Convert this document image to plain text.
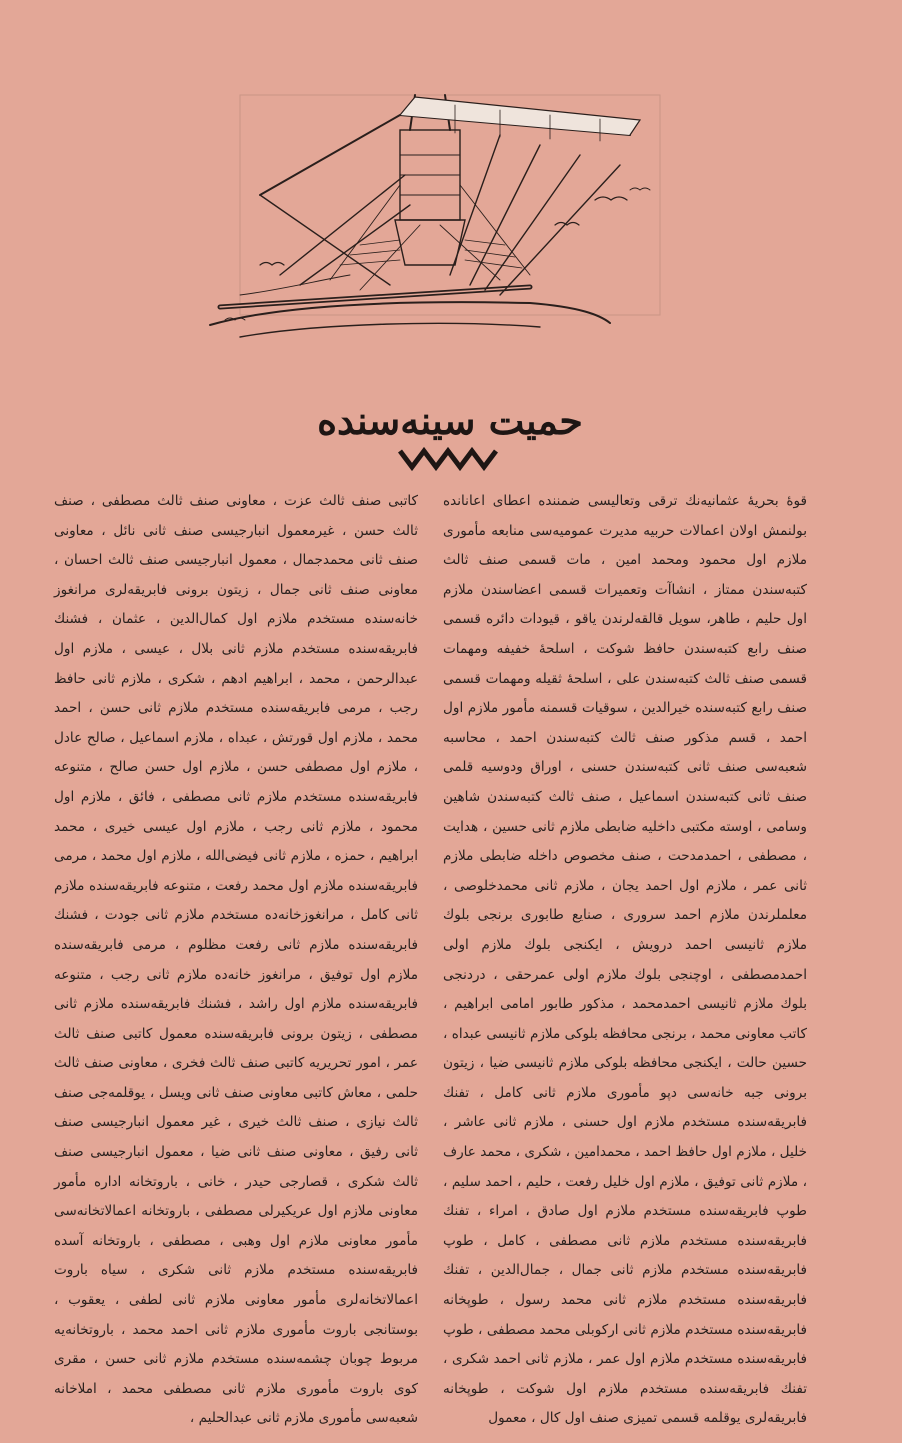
حمیت سینه‌سنده

قوهٔ بحریهٔ عثمانیه‌نك ترقی وتعالیسی ضمننده اعطای اعانانده بولنمش اولان اعمالات حربیه مدیرت عمومیه‌سی منابعه مأموری ملازم اول محمود ومحمد امین ، مات قسمی صنف ثالث كتبه‌سندن ممتاز ، انشاآت وتعمیرات قسمی اعضاسندن ملازم اول حلیم ، طاهر، سویل قالقه‌لرندن یاقو ، قیودات دائره قسمی صنف رابع كتبه‌سندن حافظ شوكت ، اسلحهٔ خفیفه ومهمات قسمی صنف ثالث كتبه‌سندن علی ، اسلحهٔ ثقیله ومهمات قسمی صنف رابع كتبه‌سنده خیرالدین ، سوقیات قسمنه مأمور ملازم اول احمد ، قسم مذكور صنف ثالث كتبه‌سندن احمد ، محاسبه شعبه‌سی صنف ثانی كتبه‌سندن حسنی ، اوراق ودوسیه قلمی صنف ثانی كتبه‌سندن اسماعیل ، صنف ثالث كتبه‌سندن شاهین وسامی ، اوسته مكتبی داخلیه ضابطی ملازم ثانی حسین ، هدایت ، مصطفی ، احمدمدحت ، صنف مخصوص داخله ضابطی ملازم ثانی عمر ، ملازم اول احمد یجان ، ملازم ثانی محمدخلوصی ، معلملرندن ملازم احمد سروری ، صنایع طابوری برنجی بلوك ملازم ثانیسی احمد درویش ، ایكنجی بلوك ملازم اولی احمدمصطفی ، اوچنجی بلوك ملازم اولی عمرحقی ، دردنجی بلوك ملازم ثانیسی احمدمحمد ، مذكور طابور امامی ابراهیم ، كاتب معاونی محمد ، برنجی محافظه بلوكی ملازم ثانیسی عبداه ، حسین حالت ، ایكنجی محافظه بلوكی ملازم ثانیسی ضیا ، زیتون برونی جبه خانه‌سی دپو مأموری ملازم ثانی كامل ، تفنك فابریقه‌سنده مستخدم ملازم اول حسنی ، ملازم ثانی عاشر ، خلیل ، ملازم اول حافظ احمد ، محمدامین ، شكری ، محمد عارف ، ملازم ثانی توفیق ، ملازم اول خلیل رفعت ، حلیم ، احمد سلیم ، طوپ فابریقه‌سنده مستخدم ملازم اول صادق ، امراء ، تفنك فابریقه‌سنده مستخدم ملازم ثانی مصطفی ، كامل ، طوپ فابریقه‌سنده مستخدم ملازم ثانی جمال ، جمال‌الدین ، تفنك فابریقه‌سنده مستخدم ملازم ثانی محمد رسول ، طوپخانه فابریقه‌سنده مستخدم ملازم ثانی اركوبلی محمد مصطفی ، طوپ فابریقه‌سنده مستخدم ملازم اول عمر ، ملازم ثانی احمد شكری ، تفنك فابریقه‌سنده مستخدم ملازم اول شوكت ، طوپخانه فابریقه‌لری یوقلمه قسمی تمیزی صنف اول كال ، معمول

كاتبی صنف ثالث عزت ، معاونی صنف ثالث مصطفی ، صنف ثالث حسن ، غیرمعمول انبارجیسی صنف ثانی نائل ، معاونی صنف ثانی محمدجمال ، معمول انبارجیسی صنف ثالث احسان ، معاونی صنف ثانی جمال ، زیتون برونی فابریقه‌لری مرانغوز خانه‌سنده مستخدم ملازم اول كمال‌الدین ، عثمان ، فشنك فابریقه‌سنده مستخدم ملازم ثانی بلال ، عیسی ، ملازم اول عبدالرحمن ، محمد ، ابراهیم ادهم ، شكری ، ملازم ثانی حافظ رجب ، مرمی فابریقه‌سنده مستخدم ملازم ثانی حسن ، احمد محمد ، ملازم اول قورتش ، عبداه ، ملازم اسماعیل ، صالح عادل ، ملازم اول مصطفی حسن ، ملازم اول حسن صالح ، متنوعه فابریقه‌سنده مستخدم ملازم ثانی مصطفی ، فائق ، ملازم اول محمود ، ملازم ثانی رجب ، ملازم اول عیسی خیری ، محمد ابراهیم ، حمزه ، ملازم ثانی فیضی‌الله ، ملازم اول محمد ، مرمی فابریقه‌سنده ملازم اول محمد رفعت ، متنوعه فابریقه‌سنده ملازم ثانی كامل ، مرانغوزخانه‌ده مستخدم ملازم ثانی جودت ، فشنك فابریقه‌سنده ملازم ثانی رفعت مظلوم ، مرمی فابریقه‌سنده ملازم اول توفیق ، مرانغوز خانه‌ده ملازم ثانی رجب ، متنوعه فابریقه‌سنده ملازم اول راشد ، فشنك فابریقه‌سنده ملازم ثانی مصطفی ، زیتون برونی فابریقه‌سنده معمول كاتبی صنف ثالث عمر ، امور تحریریه كاتبی صنف ثالث فخری ، معاونی صنف ثالث حلمی ، معاش كاتبی معاونی صنف ثانی ویسل ، یوقلمه‌جی صنف ثالث نیازی ، صنف ثالث خیری ، غیر معمول انبارجیسی صنف ثانی رفیق ، معاونی صنف ثانی ضیا ، معمول انبارجیسی صنف ثالث شكری ، قصارجی حیدر ، خانی ، باروتخانه اداره مأمور معاونی ملازم اول عریكیرلی مصطفی ، باروتخانه اعمالاتخانه‌سی مأمور معاونی ملازم اول وهبی ، مصطفی ، باروتخانه آسده فابریقه‌سنده مستخدم ملازم ثانی شكری ، سیاه باروت اعمالاتخانه‌لری مأمور معاونی ملازم ثانی لطفی ، یعقوب ، بوستانجی باروت مأموری ملازم ثانی احمد محمد ، باروتخانه‌یه مربوط چوبان چشمه‌سنده مستخدم ملازم ثانی حسن ، مقری كوی باروت مأموری ملازم ثانی مصطفی محمد ، املاخانه شعبه‌سی مأموری ملازم ثانی عبدالحلیم ،
